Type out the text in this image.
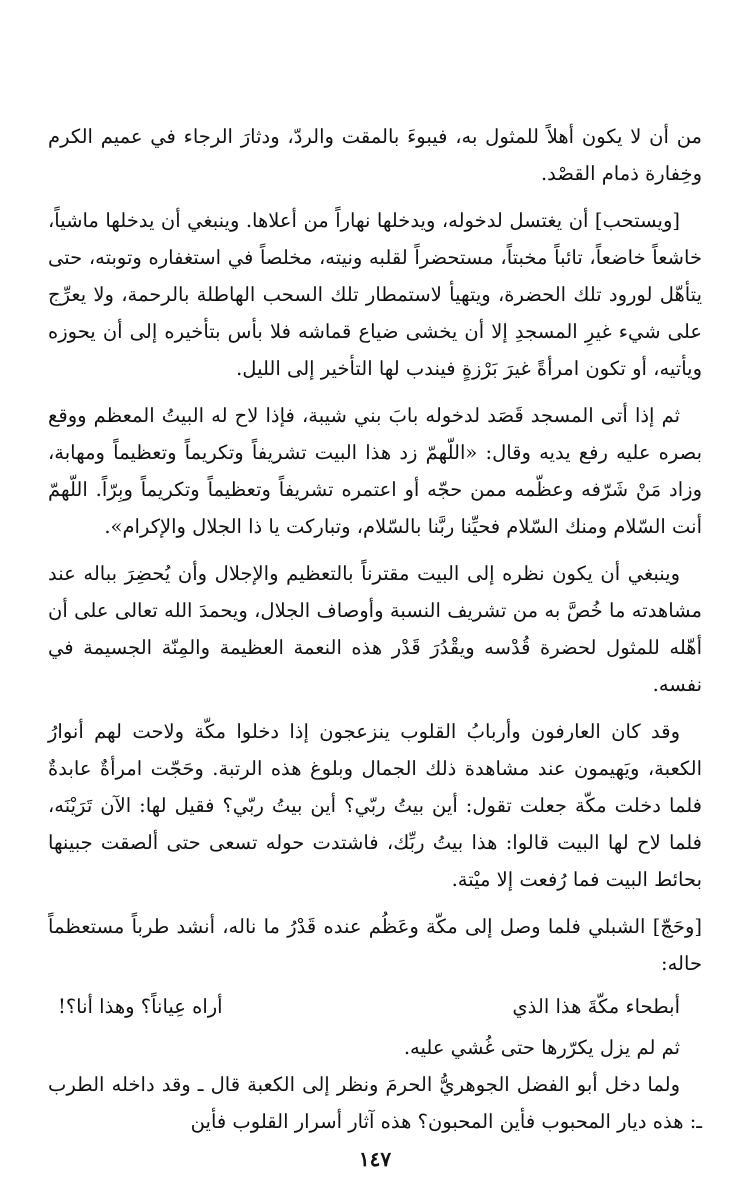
من أن لا يكون أهلاً للمثول به، فيبوءَ بالمقت والردّ، ودثارَ الرجاء في عميم الكرم وخِفارة ذمام القصْد.

[ويستحب] أن يغتسل لدخوله، ويدخلها نهاراً من أعلاها. وينبغي أن يدخلها ماشياً، خاشعاً خاضعاً، تائباً مخبتاً، مستحضراً لقلبه ونيته، مخلصاً في استغفاره وتوبته، حتى يتأهّل لورود تلك الحضرة، ويتهيأ لاستمطار تلك السحب الهاطلة بالرحمة، ولا يعرِّج على شيء غيرِ المسجدِ إلا أن يخشى ضياع قماشه فلا بأس بتأخيره إلى أن يحوزه ويأتيه، أو تكون امرأةً غيرَ بَرْزةٍ فيندب لها التأخير إلى الليل.

ثم إذا أتى المسجد قَصَد لدخوله بابَ بني شيبة، فإذا لاح له البيتُ المعظم ووقع بصره عليه رفع يديه وقال: «اللّهمّ زد هذا البيت تشريفاً وتكريماً وتعظيماً ومهابة، وزاد مَنْ شَرّفه وعظّمه ممن حجّه أو اعتمره تشريفاً وتعظيماً وتكريماً وبِرّاً. اللّهمّ أنت السّلام ومنك السّلام فحيِّنا ربَّنا بالسّلام، وتباركت يا ذا الجلال والإكرام».

وينبغي أن يكون نظره إلى البيت مقترناً بالتعظيم والإجلال وأن يُحضِرَ بباله عند مشاهدته ما خُصَّ به من تشريف النسبة وأوصاف الجلال، ويحمدَ الله تعالى على أن أهّله للمثول لحضرة قُدْسه ويقْدُرَ قَدْر هذه النعمة العظيمة والمِنّة الجسيمة في نفسه.

وقد كان العارفون وأربابُ القلوب ينزعجون إذا دخلوا مكّة ولاحت لهم أنوارُ الكعبة، ويَهيمون عند مشاهدة ذلك الجمال وبلوغ هذه الرتبة. وحَجّت امرأةٌ عابدةٌ فلما دخلت مكّة جعلت تقول: أين بيتُ ربّي؟ أين بيتُ ربّي؟ فقيل لها: الآن تَرَيْنَه، فلما لاح لها البيت قالوا: هذا بيتُ ربِّك، فاشتدت حوله تسعى حتى ألصقت جبينها بحائط البيت فما رُفعت إلا ميْتة.

[وحَجّ] الشبلي فلما وصل إلى مكّة وعَظُم عنده قَدْرُ ما ناله، أنشد طرباً مستعظماً حاله:

أبطحاء مكّةَ هذا الذي
أراه عِياناً؟ وهذا أنا؟!

ثم لم يزل يكرّرها حتى غُشي عليه.

ولما دخل أبو الفضل الجوهريُّ الحرمَ ونظر إلى الكعبة قال ـ وقد داخله الطرب ـ: هذه ديار المحبوب فأين المحبون؟ هذه آثار أسرار القلوب فأين

١٤٧
